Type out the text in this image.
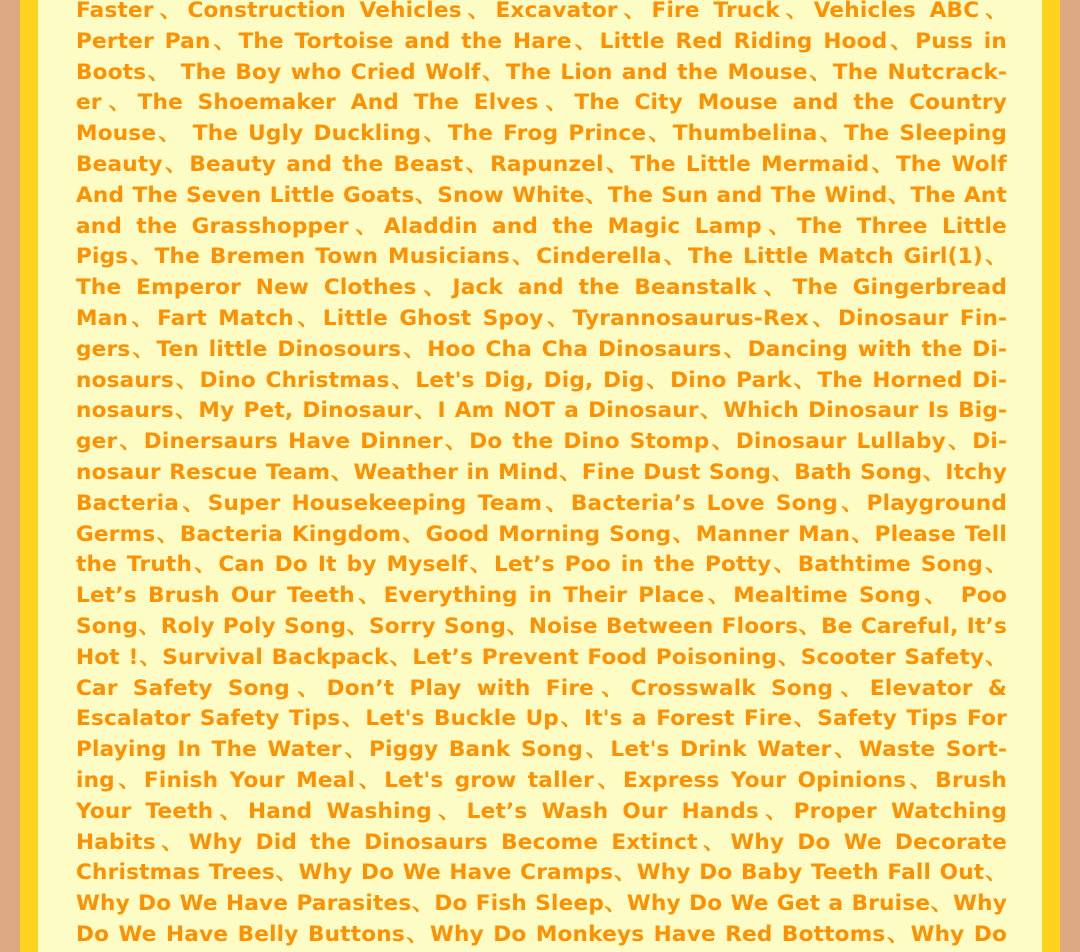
Faster、Construction Vehicles、Excavator、Fire Truck、Vehicles ABC、Perter Pan、The Tortoise and the Hare、Little Red Riding Hood、Puss in Boots、 The Boy who Cried Wolf、The Lion and the Mouse、The Nutcracker、The Shoemaker And The Elves、The City Mouse and the Country Mouse、 The Ugly Duckling、The Frog Prince、Thumbelina、The Sleeping Beauty、Beauty and the Beast、Rapunzel、The Little Mermaid、The Wolf And The Seven Little Goats、Snow White、The Sun and The Wind、The Ant and the Grasshopper、Aladdin and the Magic Lamp、The Three Little Pigs、The Bremen Town Musicians、Cinderella、The Little Match Girl(1)、The Emperor New Clothes、Jack and the Beanstalk、The Gingerbread Man、Fart Match、Little Ghost Spoy、Tyrannosaurus-Rex、Dinosaur Fingers、Ten little Dinosours、Hoo Cha Cha Dinosaurs、Dancing with the Dinosaurs、Dino Christmas、Let's Dig, Dig, Dig、Dino Park、The Horned Dinosaurs、My Pet, Dinosaur、I Am NOT a Dinosaur、Which Dinosaur Is Bigger、Dinersaurs Have Dinner、Do the Dino Stomp、Dinosaur Lullaby、Dinosaur Rescue Team、Weather in Mind、Fine Dust Song、Bath Song、Itchy Bacteria、Super Housekeeping Team、Bacteria’s Love Song、Playground Germs、Bacteria Kingdom、Good Morning Song、Manner Man、Please Tell the Truth、Can Do It by Myself、Let’s Poo in the Potty、Bathtime Song、Let’s Brush Our Teeth、Everything in Their Place、Mealtime Song、 Poo Song、Roly Poly Song、Sorry Song、Noise Between Floors、Be Careful, It’s Hot !、Survival Backpack、Let’s Prevent Food Poisoning、Scooter Safety、Car Safety Song、Don’t Play with Fire、Crosswalk Song、Elevator & Escalator Safety Tips、Let's Buckle Up、It's a Forest Fire、Safety Tips For Playing In The Water、Piggy Bank Song、Let's Drink Water、Waste Sorting、Finish Your Meal、Let's grow taller、Express Your Opinions、Brush Your Teeth、Hand Washing、Let’s Wash Our Hands、Proper Watching Habits、Why Did the Dinosaurs Become Extinct、Why Do We Decorate Christmas Trees、Why Do We Have Cramps、Why Do Baby Teeth Fall Out、 Why Do We Have Parasites、Do Fish Sleep、Why Do We Get a Bruise、Why Do We Have Belly Buttons、Why Do Monkeys Have Red Bottoms、Why Do
